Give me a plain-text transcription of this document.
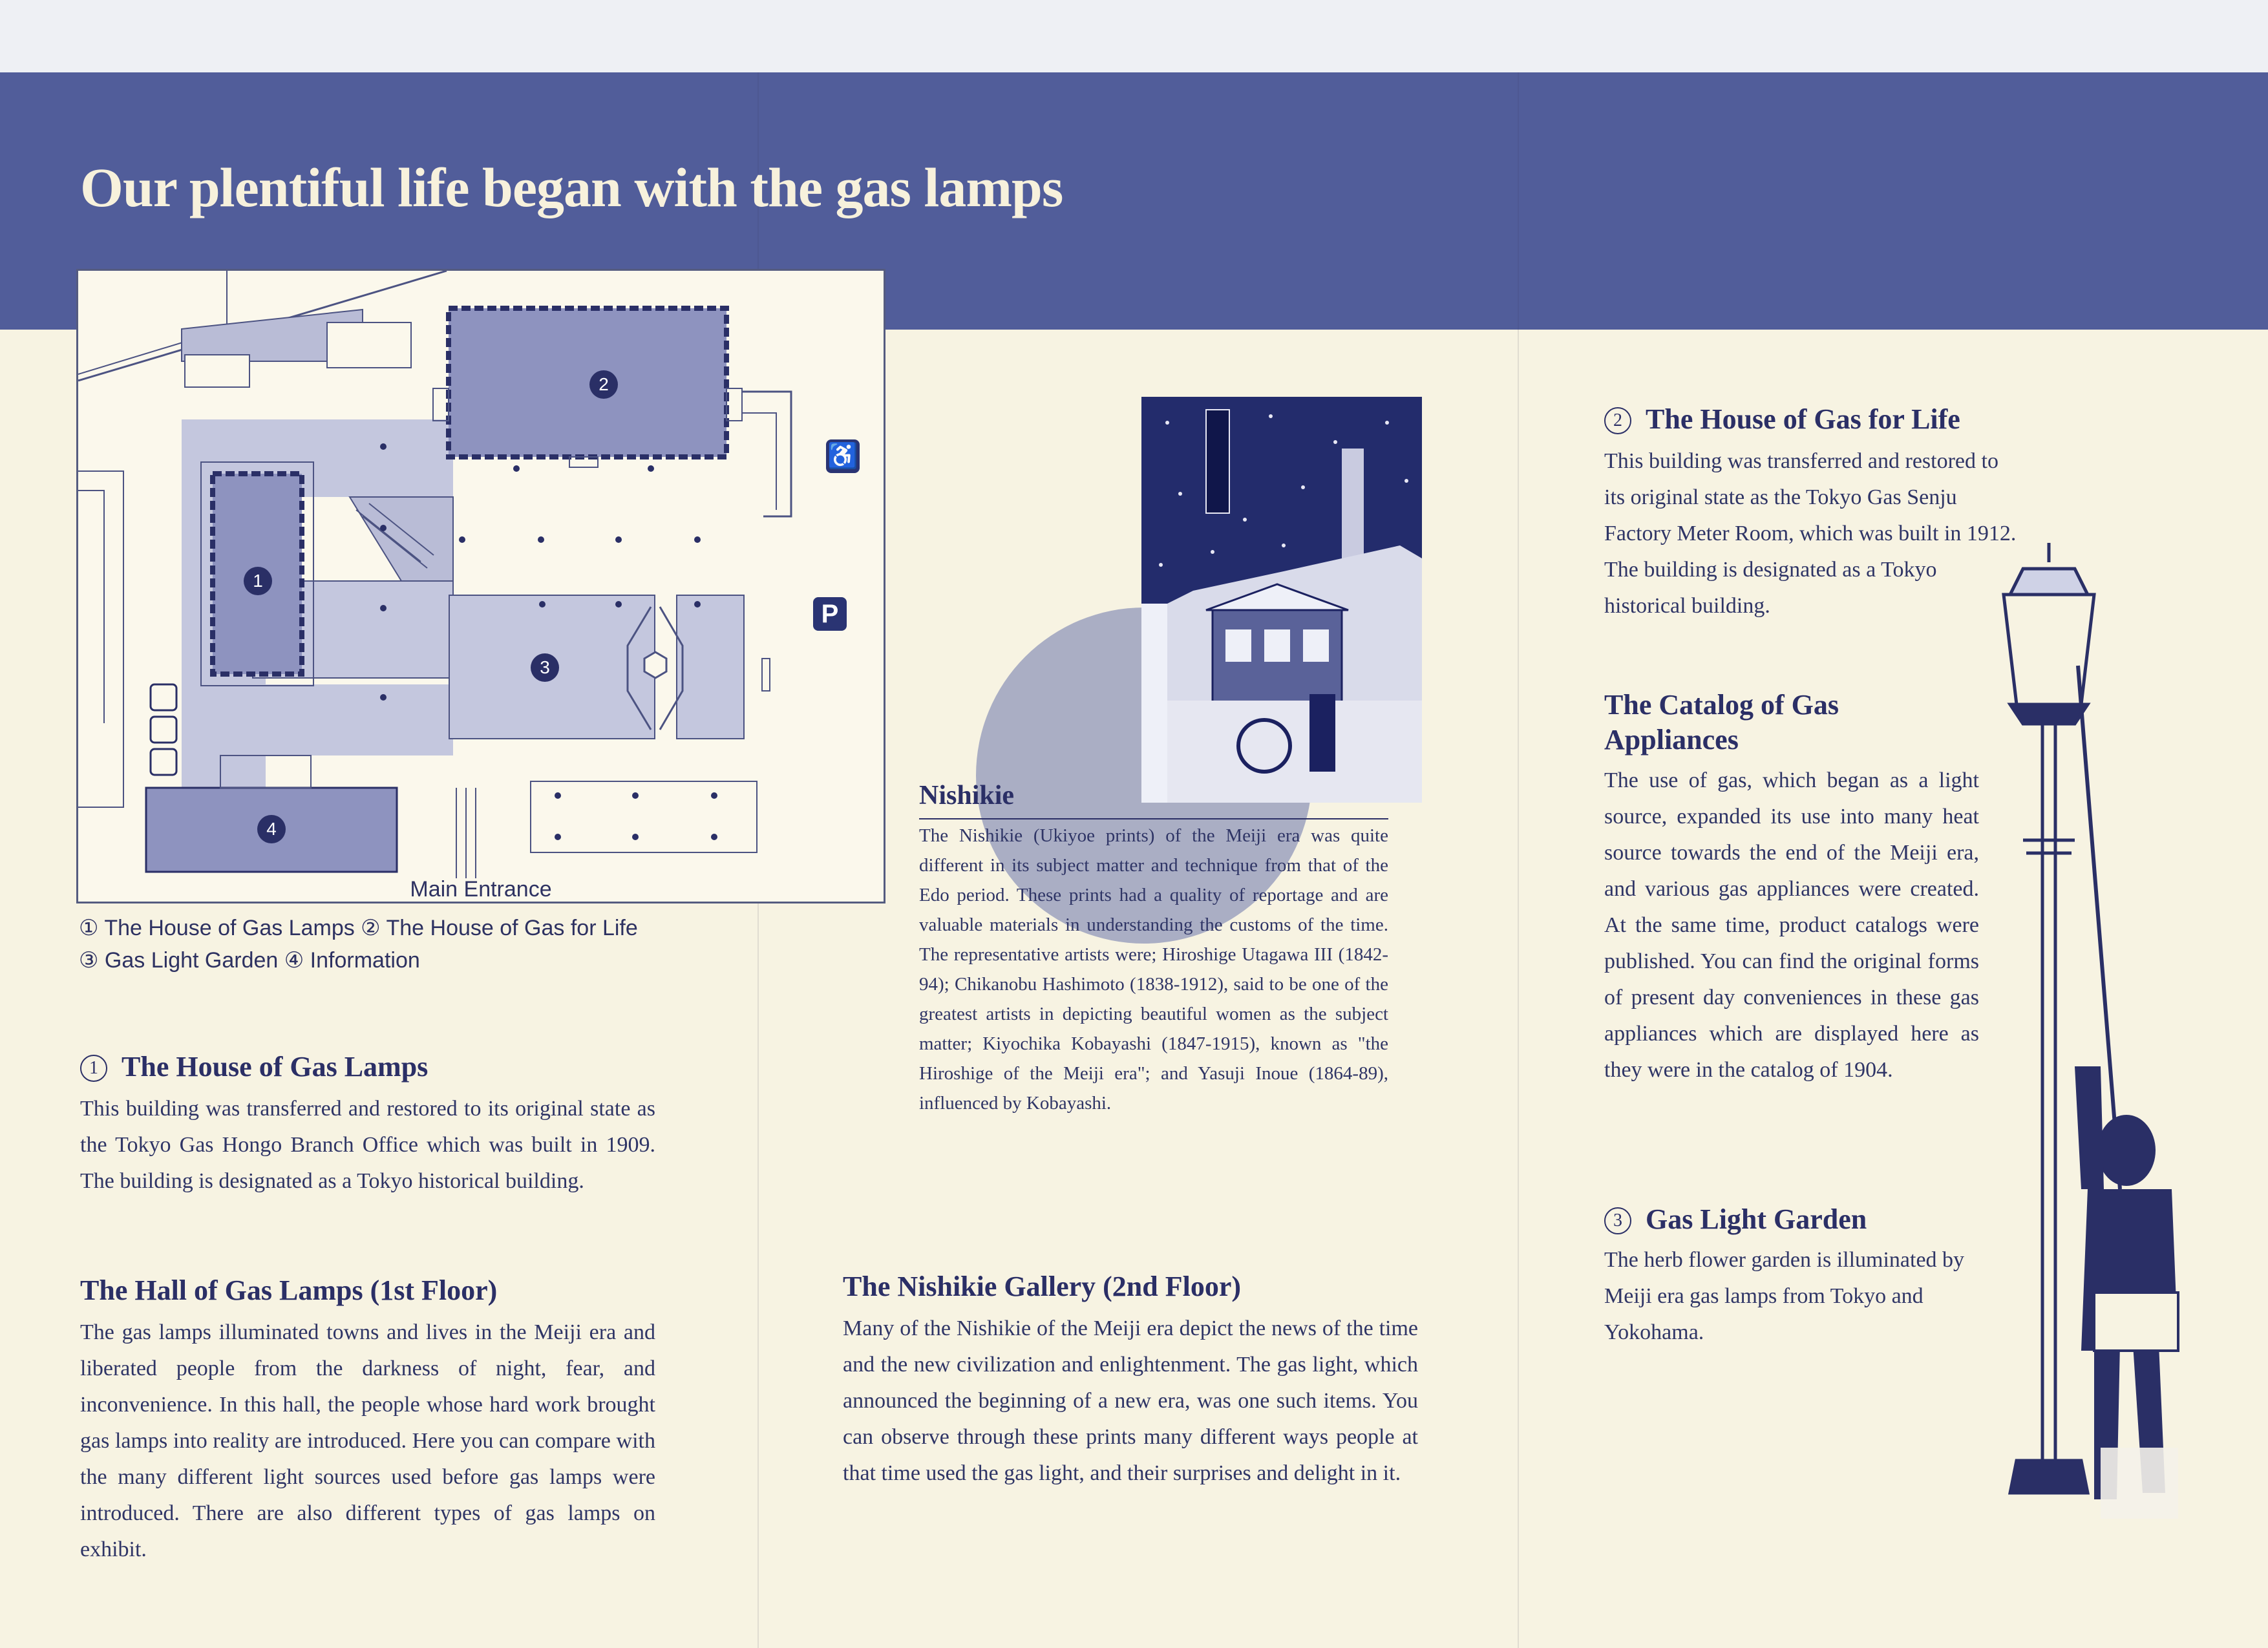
Our plentiful life began with the gas lamps
2
1
3
4
Main Entrance
♿
P
① The House of Gas Lamps ② The House of Gas for Life
③ Gas Light Garden ④ Information
1 The House of Gas Lamps

This building was transferred and restored to its original state as the Tokyo Gas Hongo Branch Office which was built in 1909. The building is designated as a Tokyo historical building.

The Hall of Gas Lamps (1st Floor)

The gas lamps illuminated towns and lives in the Meiji era and liberated people from the darkness of night, fear, and inconvenience. In this hall, the people whose hard work brought gas lamps into reality are introduced. Here you can compare with the many different light sources used before gas lamps were introduced. There are also different types of gas lamps on exhibit.

Nishikie

The Nishikie (Ukiyoe prints) of the Meiji era was quite different in its subject matter and technique from that of the Edo period. These prints had a quality of reportage and are valuable materials in understanding the customs of the time. The representative artists were; Hiroshige Utagawa III (1842-94); Chikanobu Hashimoto (1838-1912), said to be one of the greatest artists in depicting beautiful women as the subject matter; Kiyochika Kobayashi (1847-1915), known as "the Hiroshige of the Meiji era"; and Yasuji Inoue (1864-89), influenced by Kobayashi.

The Nishikie Gallery (2nd Floor)

Many of the Nishikie of the Meiji era depict the news of the time and the new civilization and enlightenment. The gas light, which announced the beginning of a new era, was one such items. You can observe through these prints many different ways people at that time used the gas light, and their surprises and delight in it.

2 The House of Gas for Life

This building was transferred and restored to its original state as the Tokyo Gas Senju Factory Meter Room, which was built in 1912. The building is designated as a Tokyo historical building.

The Catalog of Gas
Appliances

The use of gas, which began as a light source, expanded its use into many heat source towards the end of the Meiji era, and various gas appliances were created. At the same time, product catalogs were published. You can find the original forms of present day conveniences in these gas appliances which are displayed here as they were in the catalog of 1904.

3 Gas Light Garden

The herb flower garden is illuminated by Meiji era gas lamps from Tokyo and Yokohama.
